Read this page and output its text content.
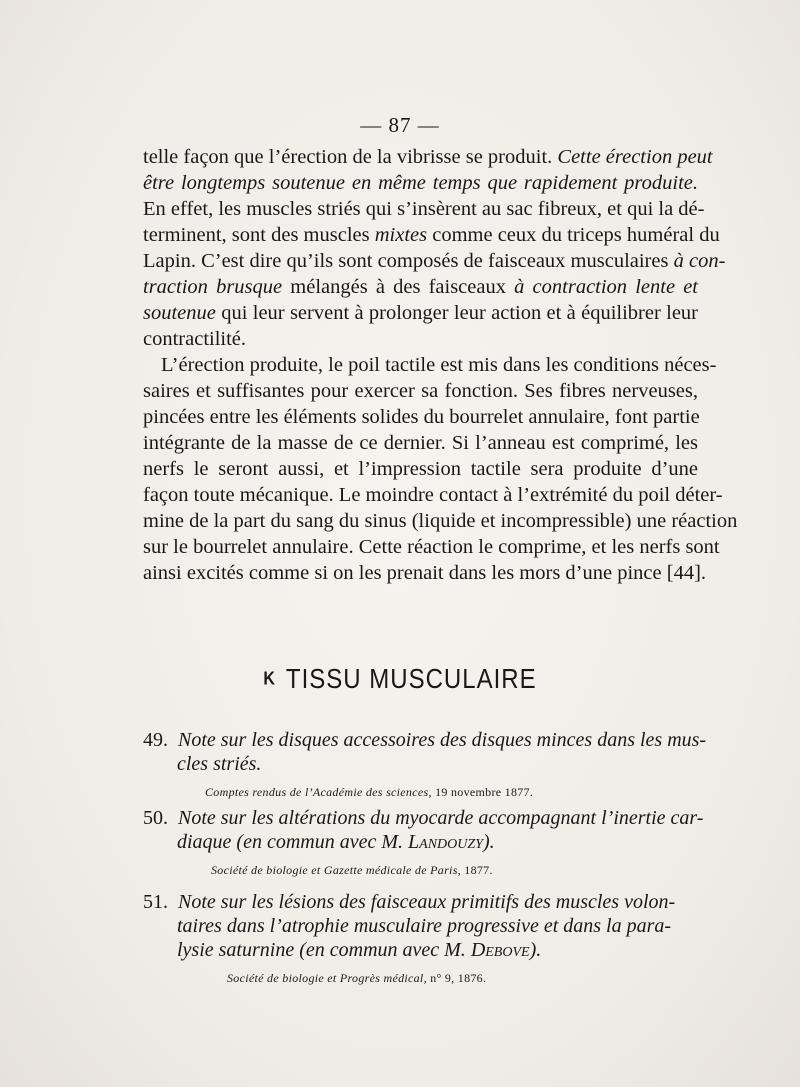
— 87 —
telle façon que l’érection de la vibrisse se produit. Cette érection peut
être longtemps soutenue en même temps que rapidement produite.
En effet, les muscles striés qui s’insèrent au sac fibreux, et qui la dé-
terminent, sont des muscles mixtes comme ceux du triceps huméral du
Lapin. C’est dire qu’ils sont composés de faisceaux musculaires à con-
traction brusque mélangés à des faisceaux à contraction lente et
soutenue qui leur servent à prolonger leur action et à équilibrer leur
contractilité.
L’érection produite, le poil tactile est mis dans les conditions néces-
saires et suffisantes pour exercer sa fonction. Ses fibres nerveuses,
pincées entre les éléments solides du bourrelet annulaire, font partie
intégrante de la masse de ce dernier. Si l’anneau est comprimé, les
nerfs le seront aussi, et l’impression tactile sera produite d’une
façon toute mécanique. Le moindre contact à l’extrémité du poil déter-
mine de la part du sang du sinus (liquide et incompressible) une réaction
sur le bourrelet annulaire. Cette réaction le comprime, et les nerfs sont
ainsi excités comme si on les prenait dans les mors d’une pince [44].
K TISSU MUSCULAIRE
49. Note sur les disques accessoires des disques minces dans les mus-
cles striés.
Comptes rendus de l’Académie des sciences, 19 novembre 1877.
50. Note sur les altérations du myocarde accompagnant l’inertie car-
diaque (en commun avec M. Landouzy).
Société de biologie et Gazette médicale de Paris, 1877.
51. Note sur les lésions des faisceaux primitifs des muscles volon-
taires dans l’atrophie musculaire progressive et dans la para-
lysie saturnine (en commun avec M. Debove).
Société de biologie et Progrès médical, n° 9, 1876.
